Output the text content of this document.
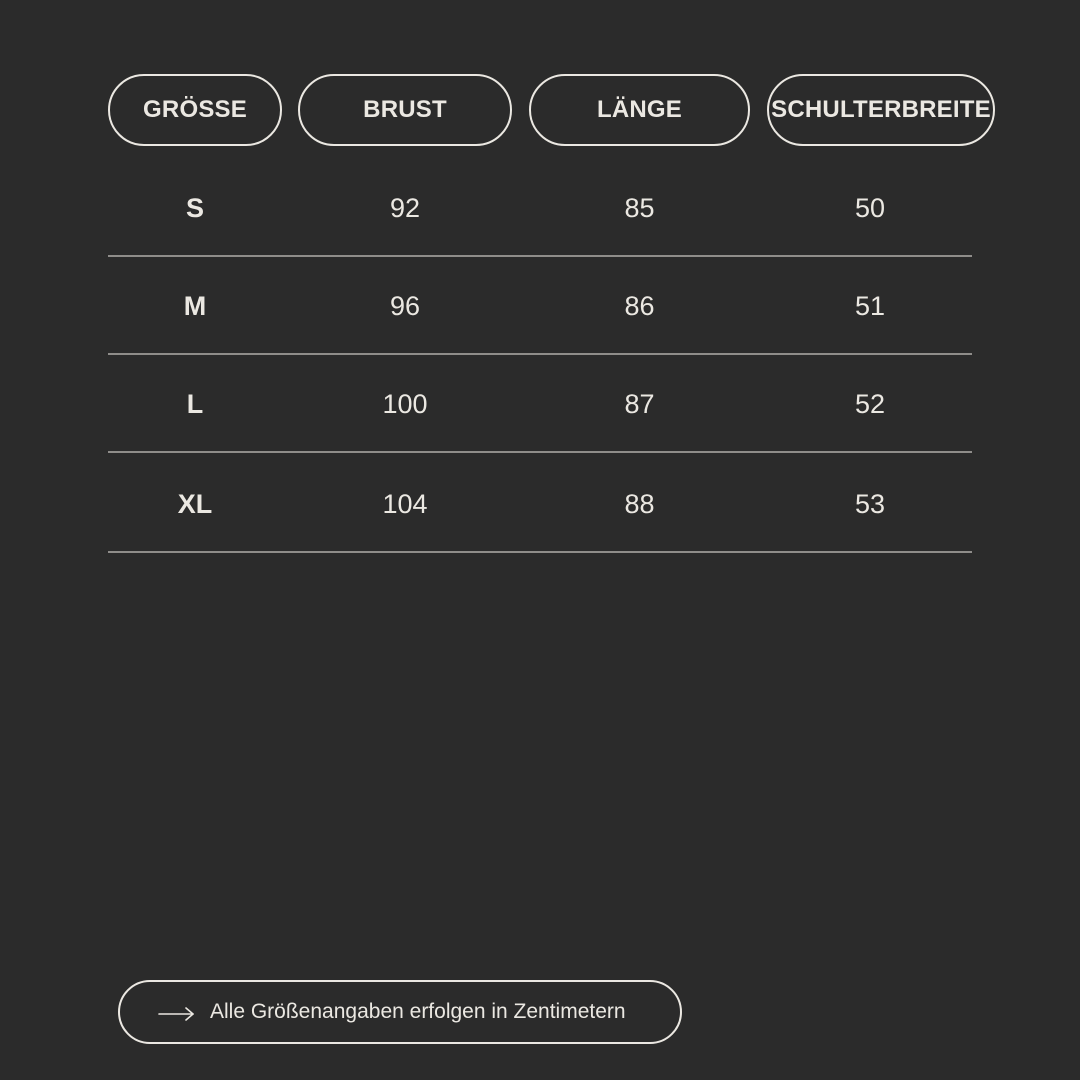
GRÖSSE	BRUST	LÄNGE	SCHULTERBREITE
S	92	85	50
M	96	86	51
L	100	87	52
XL	104	88	53
Alle Größenangaben erfolgen in Zentimetern
